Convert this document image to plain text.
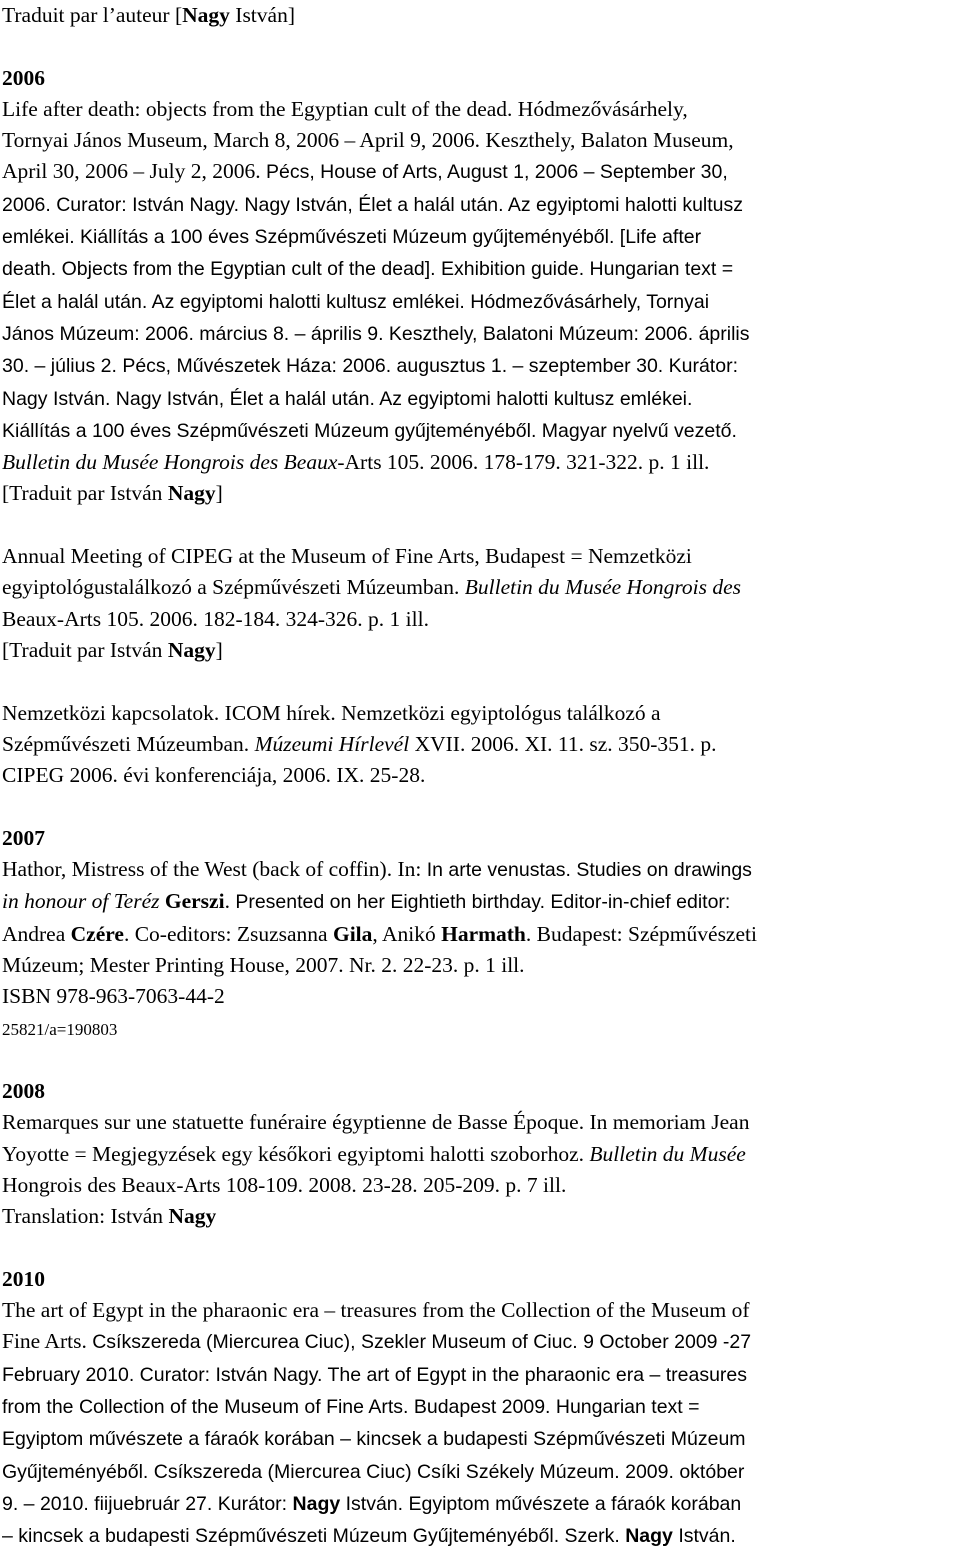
Traduit par l’auteur [Nagy István]
2006
Life after death: objects from the Egyptian cult of the dead. Hódmezővásárhely,
Tornyai János Museum, March 8, 2006 – April 9, 2006. Keszthely, Balaton Museum,
April 30, 2006 – July 2, 2006. Pécs, House of Arts, August 1, 2006 – September 30,
2006. Curator: István Nagy. Nagy István, Élet a halál után. Az egyiptomi halotti kultusz
emlékei. Kiállítás a 100 éves Szépművészeti Múzeum gyűjteményéből. [Life after
death. Objects from the Egyptian cult of the dead]. Exhibition guide. Hungarian text =
Élet a halál után. Az egyiptomi halotti kultusz emlékei. Hódmezővásárhely, Tornyai
János Múzeum: 2006. március 8. – április 9. Keszthely, Balatoni Múzeum: 2006. április
30. – július 2. Pécs, Művészetek Háza: 2006. augusztus 1. – szeptember 30. Kurátor:
Nagy István. Nagy István, Élet a halál után. Az egyiptomi halotti kultusz emlékei.
Kiállítás a 100 éves Szépművészeti Múzeum gyűjteményéből. Magyar nyelvű vezető.
Bulletin du Musée Hongrois des Beaux-Arts 105. 2006. 178-179. 321-322. p. 1 ill.
[Traduit par István Nagy]
Annual Meeting of CIPEG at the Museum of Fine Arts, Budapest = Nemzetközi
egyiptológustalálkozó a Szépművészeti Múzeumban. Bulletin du Musée Hongrois des
Beaux-Arts 105. 2006. 182-184. 324-326. p. 1 ill.
[Traduit par István Nagy]
Nemzetközi kapcsolatok. ICOM hírek. Nemzetközi egyiptológus találkozó a
Szépművészeti Múzeumban. Múzeumi Hírlevél XVII. 2006. XI. 11. sz. 350-351. p.
CIPEG 2006. évi konferenciája, 2006. IX. 25-28.
2007
Hathor, Mistress of the West (back of coffin). In: In arte venustas. Studies on drawings
in honour of Teréz Gerszi. Presented on her Eightieth birthday. Editor-in-chief editor:
Andrea Czére. Co-editors: Zsuzsanna Gila, Anikó Harmath. Budapest: Szépművészeti
Múzeum; Mester Printing House, 2007. Nr. 2. 22-23. p. 1 ill.
ISBN 978-963-7063-44-2
25821/a=190803
2008
Remarques sur une statuette funéraire égyptienne de Basse Époque. In memoriam Jean
Yoyotte = Megjegyzések egy későkori egyiptomi halotti szoborhoz. Bulletin du Musée
Hongrois des Beaux-Arts 108-109. 2008. 23-28. 205-209. p. 7 ill.
Translation: István Nagy
2010
The art of Egypt in the pharaonic era – treasures from the Collection of the Museum of
Fine Arts. Csíkszereda (Miercurea Ciuc), Szekler Museum of Ciuc. 9 October 2009 -27
February 2010. Curator: István Nagy. The art of Egypt in the pharaonic era – treasures
from the Collection of the Museum of Fine Arts. Budapest 2009. Hungarian text =
Egyiptom művészete a fáraók korában – kincsek a budapesti Szépművészeti Múzeum
Gyűjteményéből. Csíkszereda (Miercurea Ciuc) Csíki Székely Múzeum. 2009. október
9. – 2010. fiijuebruár 27. Kurátor: Nagy István. Egyiptom művészete a fáraók korában
– kincsek a budapesti Szépművészeti Múzeum Gyűjteményéből. Szerk. Nagy István.
